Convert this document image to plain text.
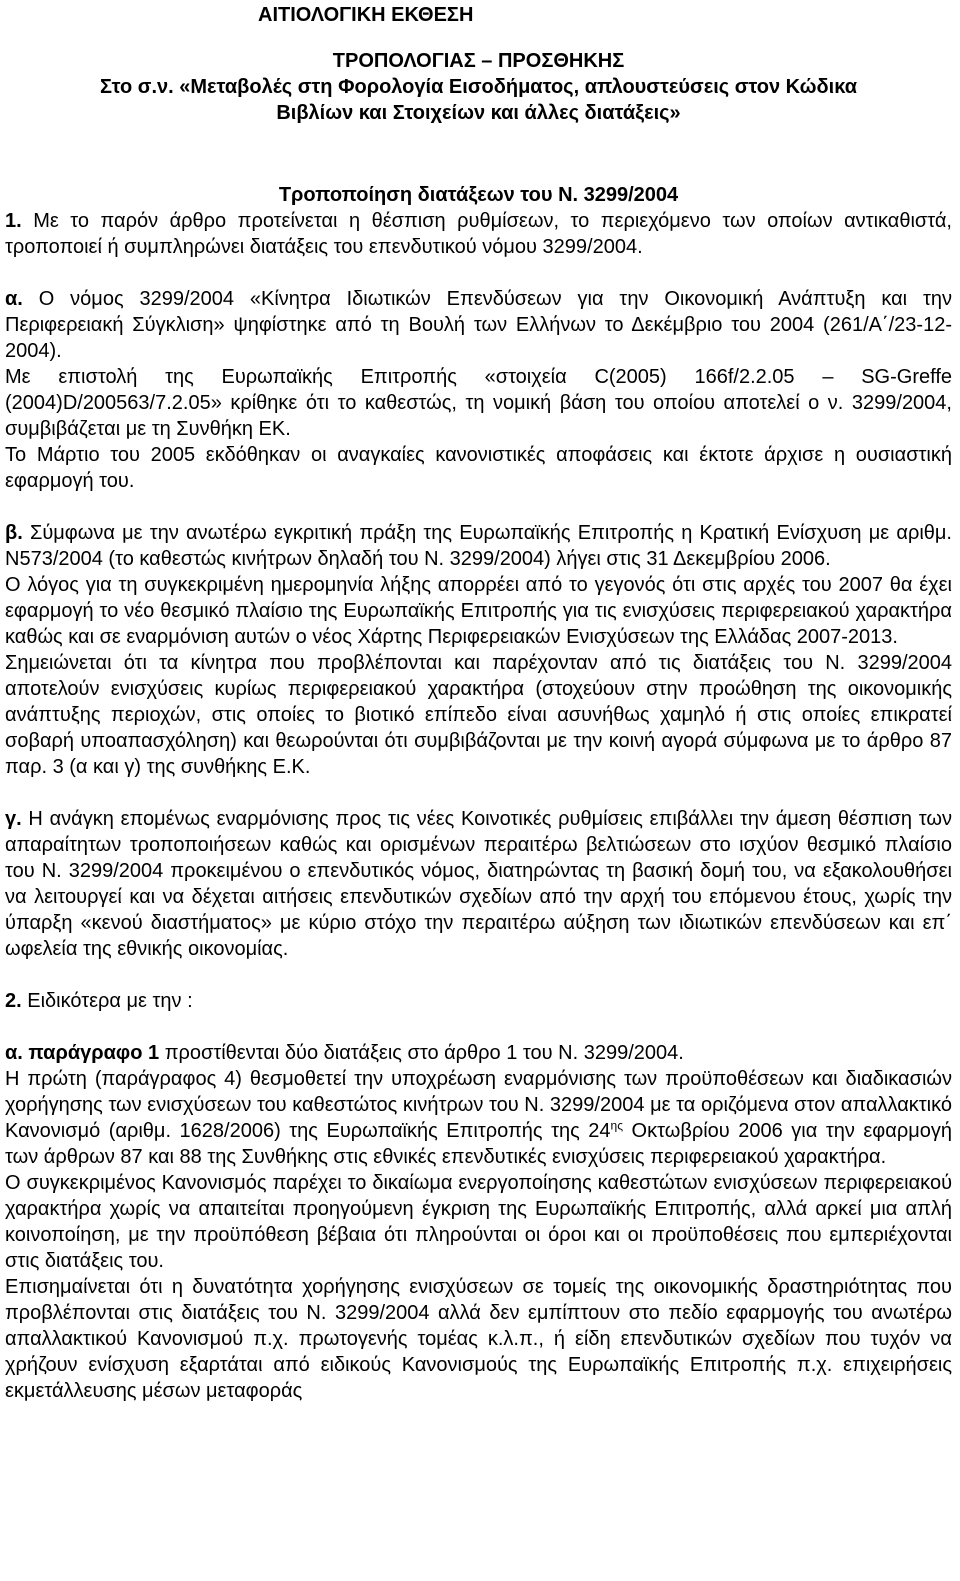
ΑΙΤΙΟΛΟΓΙΚΗ ΕΚΘΕΣΗ

ΤΡΟΠΟΛΟΓΙΑΣ – ΠΡΟΣΘΗΚΗΣ

Στο σ.ν. «Μεταβολές στη Φορολογία Εισοδήματος, απλουστεύσεις στον Κώδικα

Βιβλίων και Στοιχείων και άλλες διατάξεις»

Τροποποίηση διατάξεων του Ν. 3299/2004

1. Με το παρόν άρθρο προτείνεται η θέσπιση ρυθμίσεων, το περιεχόμενο των οποίων αντικαθιστά, τροποποιεί ή συμπληρώνει διατάξεις του επενδυτικού νόμου 3299/2004.

α. Ο νόμος 3299/2004 «Κίνητρα Ιδιωτικών Επενδύσεων για την Οικονομική Ανάπτυξη και την Περιφερειακή Σύγκλιση» ψηφίστηκε από τη Βουλή των Ελλήνων το Δεκέμβριο του 2004 (261/Α΄/23-12-2004).

Με επιστολή της Ευρωπαϊκής Επιτροπής «στοιχεία C(2005) 166f/2.2.05 – SG-Greffe (2004)D/200563/7.2.05» κρίθηκε ότι το καθεστώς, τη νομική βάση του οποίου αποτελεί ο ν. 3299/2004, συμβιβάζεται με τη Συνθήκη ΕΚ.

Το Μάρτιο του 2005 εκδόθηκαν οι αναγκαίες κανονιστικές αποφάσεις και έκτοτε άρχισε η ουσιαστική εφαρμογή του.

β. Σύμφωνα με την ανωτέρω εγκριτική πράξη της Ευρωπαϊκής Επιτροπής η Κρατική Ενίσχυση με αριθμ. Ν573/2004 (το καθεστώς κινήτρων δηλαδή του Ν. 3299/2004) λήγει στις 31 Δεκεμβρίου 2006.

Ο λόγος για τη συγκεκριμένη ημερομηνία λήξης απορρέει από το γεγονός ότι στις αρχές του 2007 θα έχει εφαρμογή το νέο θεσμικό πλαίσιο της Ευρωπαϊκής Επιτροπής για τις ενισχύσεις περιφερειακού χαρακτήρα καθώς και σε εναρμόνιση αυτών ο νέος Χάρτης Περιφερειακών Ενισχύσεων της Ελλάδας 2007-2013.

Σημειώνεται ότι τα κίνητρα που προβλέπονται και παρέχονταν από τις διατάξεις του Ν. 3299/2004 αποτελούν ενισχύσεις κυρίως περιφερειακού χαρακτήρα (στοχεύουν στην προώθηση της οικονομικής ανάπτυξης περιοχών, στις οποίες το βιοτικό επίπεδο είναι ασυνήθως χαμηλό ή στις οποίες επικρατεί σοβαρή υποαπασχόληση) και θεωρούνται ότι συμβιβάζονται με την κοινή αγορά σύμφωνα με το άρθρο 87 παρ. 3 (α και γ) της συνθήκης Ε.Κ.

γ. Η ανάγκη επομένως εναρμόνισης προς τις νέες Κοινοτικές ρυθμίσεις επιβάλλει την άμεση θέσπιση των απαραίτητων τροποποιήσεων καθώς και ορισμένων περαιτέρω βελτιώσεων στο ισχύον θεσμικό πλαίσιο του Ν. 3299/2004 προκειμένου ο επενδυτικός νόμος, διατηρώντας τη βασική δομή του, να εξακολουθήσει να λειτουργεί και να δέχεται αιτήσεις επενδυτικών σχεδίων από την αρχή του επόμενου έτους, χωρίς την ύπαρξη «κενού διαστήματος» με κύριο στόχο την περαιτέρω αύξηση των ιδιωτικών επενδύσεων και επ΄ ωφελεία της εθνικής οικονομίας.

2. Ειδικότερα με την :

α. παράγραφο 1 προστίθενται δύο διατάξεις στο άρθρο 1 του Ν. 3299/2004.

Η πρώτη (παράγραφος 4) θεσμοθετεί την υποχρέωση εναρμόνισης των προϋποθέσεων και διαδικασιών χορήγησης των ενισχύσεων του καθεστώτος κινήτρων του Ν. 3299/2004 με τα οριζόμενα στον απαλλακτικό Κανονισμό (αριθμ. 1628/2006) της Ευρωπαϊκής Επιτροπής της $24^{\eta\varsigma}$ Οκτωβρίου 2006 για την εφαρμογή των άρθρων 87 και 88 της Συνθήκης στις εθνικές επενδυτικές ενισχύσεις περιφερειακού χαρακτήρα.

Ο συγκεκριμένος Κανονισμός παρέχει το δικαίωμα ενεργοποίησης καθεστώτων ενισχύσεων περιφερειακού χαρακτήρα χωρίς να απαιτείται προηγούμενη έγκριση της Ευρωπαϊκής Επιτροπής, αλλά αρκεί μια απλή κοινοποίηση, με την προϋπόθεση βέβαια ότι πληρούνται οι όροι και οι προϋποθέσεις που εμπεριέχονται στις διατάξεις του.

Επισημαίνεται ότι η δυνατότητα χορήγησης ενισχύσεων σε τομείς της οικονομικής δραστηριότητας που προβλέπονται στις διατάξεις του Ν. 3299/2004 αλλά δεν εμπίπτουν στο πεδίο εφαρμογής του ανωτέρω απαλλακτικού Κανονισμού π.χ. πρωτογενής τομέας κ.λ.π., ή είδη επενδυτικών σχεδίων που τυχόν να χρήζουν ενίσχυση εξαρτάται από ειδικούς Κανονισμούς της Ευρωπαϊκής Επιτροπής π.χ. επιχειρήσεις εκμετάλλευσης μέσων μεταφοράς
